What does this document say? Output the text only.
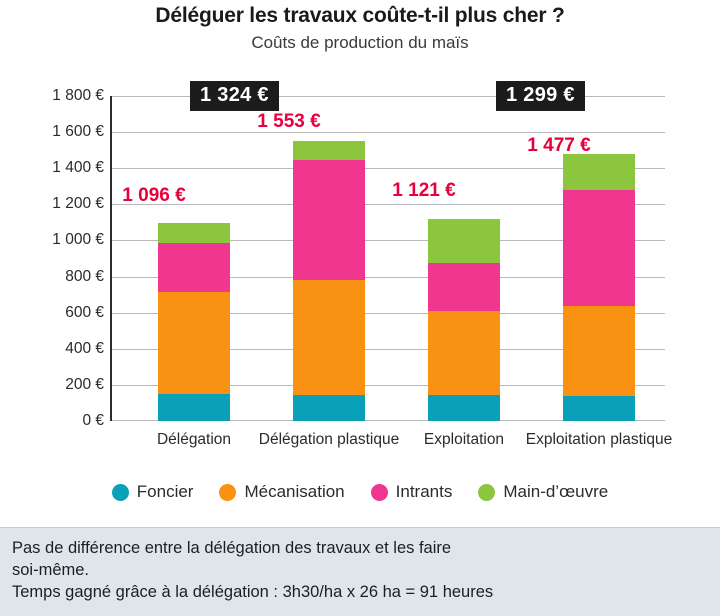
Déléguer les travaux coûte-t-il plus cher ?
Coûts de production du maïs
0 €
200 €
400 €
600 €
800 €
1 000 €
1 200 €
1 400 €
1 600 €
1 800 €
1 096 €
1 553 €
1 121 €
1 477 €
1 324 €	1 299 €
Délégation	Délégation plastique	Exploitation	Exploitation plastique
Foncier	Mécanisation	Intrants	Main-d’œuvre

Pas de différence entre la délégation des travaux et les faire

soi-même.

Temps gagné grâce à la délégation : 3h30/ha x 26 ha = 91 heures
